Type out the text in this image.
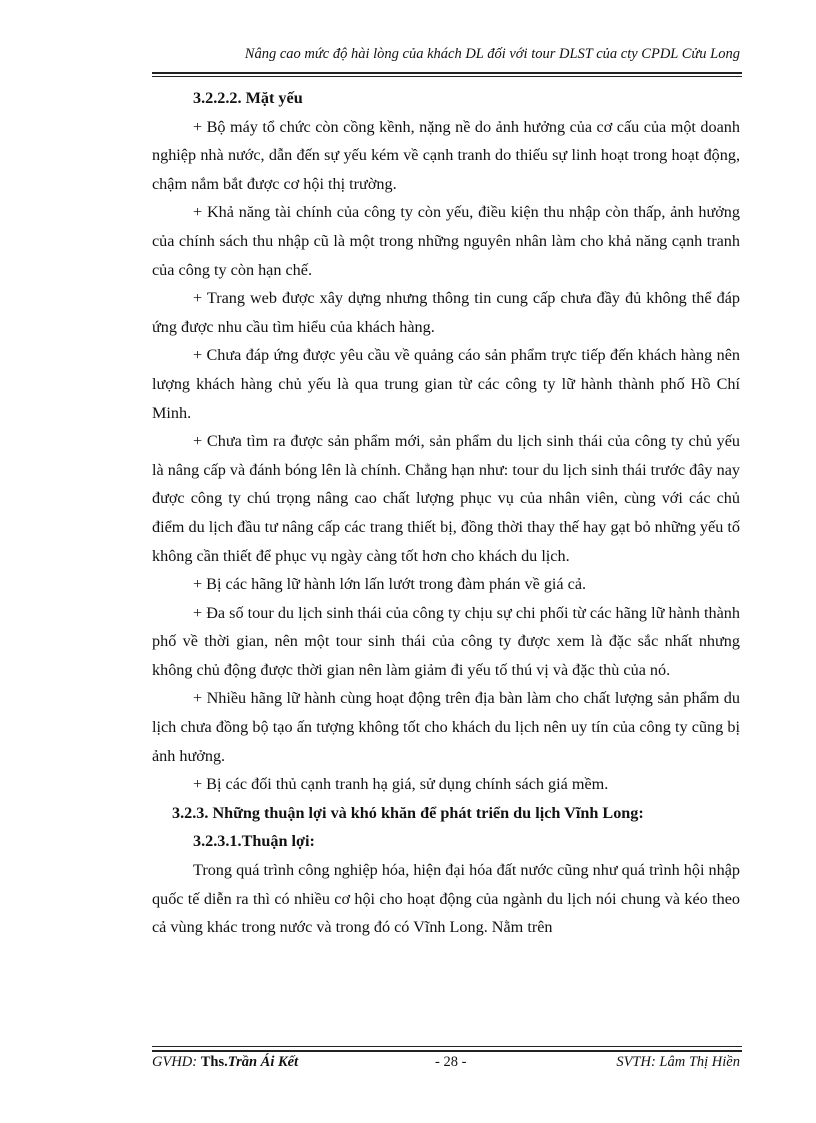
Nâng cao mức độ hài lòng của khách DL đối với tour DLST của cty CPDL Cửu Long
3.2.2.2. Mặt yếu

+ Bộ máy tổ chức còn cồng kềnh, nặng nề do ảnh hưởng của cơ cấu của một doanh nghiệp nhà nước, dẫn đến sự yếu kém về cạnh tranh do thiếu sự linh hoạt trong hoạt động, chậm nắm bắt được cơ hội thị trường.

+ Khả năng tài chính của công ty còn yếu, điều kiện thu nhập còn thấp, ảnh hưởng của chính sách thu nhập cũ là một trong những nguyên nhân làm cho khả năng cạnh tranh của công ty còn hạn chế.

+ Trang web được xây dựng nhưng thông tin cung cấp chưa đầy đủ không thể đáp ứng được nhu cầu tìm hiểu của khách hàng.

+ Chưa đáp ứng được yêu cầu về quảng cáo sản phẩm trực tiếp đến khách hàng nên lượng khách hàng chủ yếu là qua trung gian từ các công ty lữ hành thành phố Hồ Chí Minh.

+ Chưa tìm ra được sản phẩm mới, sản phẩm du lịch sinh thái của công ty chủ yếu là nâng cấp và đánh bóng lên là chính. Chẳng hạn như: tour du lịch sinh thái trước đây nay được công ty chú trọng nâng cao chất lượng phục vụ của nhân viên, cùng với các chủ điểm du lịch đầu tư nâng cấp các trang thiết bị, đồng thời thay thế hay gạt bỏ những yếu tố không cần thiết để phục vụ ngày càng tốt hơn cho khách du lịch.

+ Bị các hãng lữ hành lớn lấn lướt trong đàm phán về giá cả.

+ Đa số tour du lịch sinh thái của công ty chịu sự chi phối từ các hãng lữ hành thành phố về thời gian, nên một tour sinh thái của công ty được xem là đặc sắc nhất nhưng không chủ động được thời gian nên làm giảm đi yếu tố thú vị và đặc thù của nó.

+ Nhiều hãng lữ hành cùng hoạt động trên địa bàn làm cho chất lượng sản phẩm du lịch chưa đồng bộ tạo ấn tượng không tốt cho khách du lịch nên uy tín của công ty cũng bị ảnh hưởng.

+ Bị các đối thủ cạnh tranh hạ giá, sử dụng chính sách giá mềm.

3.2.3. Những thuận lợi và khó khăn để phát triển du lịch Vĩnh Long:
3.2.3.1.Thuận lợi:

Trong quá trình công nghiệp hóa, hiện đại hóa đất nước cũng như quá trình hội nhập quốc tế diễn ra thì có nhiều cơ hội cho hoạt động của ngành du lịch nói chung và kéo theo cả vùng khác trong nước và trong đó có Vĩnh Long. Nằm trên

GVHD: Ths.Trần Ái Kết	- 28 -	SVTH: Lâm Thị Hiền
